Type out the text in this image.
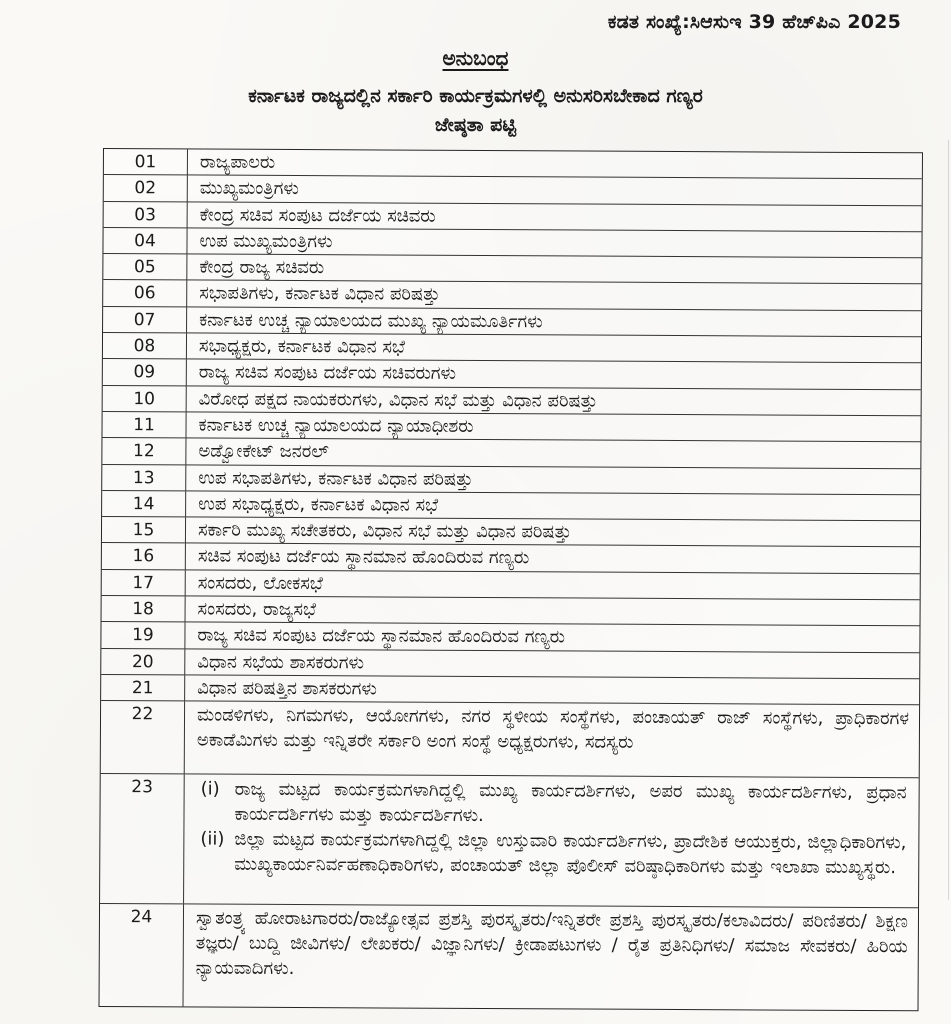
ಕಡತ ಸಂಖ್ಯೆ:ಸಿಆಸುಇ 39 ಹೆಚ್‌ಪಿಎ 2025
ಅನುಬಂಧ
ಕರ್ನಾಟಕ ರಾಜ್ಯದಲ್ಲಿನ ಸರ್ಕಾರಿ ಕಾರ್ಯಕ್ರಮಗಳಲ್ಲಿ ಅನುಸರಿಸಬೇಕಾದ ಗಣ್ಯರ
ಜೇಷ್ಠತಾ ಪಟ್ಟಿ
01	ರಾಜ್ಯಪಾಲರು
02	ಮುಖ್ಯಮಂತ್ರಿಗಳು
03	ಕೇಂದ್ರ ಸಚಿವ ಸಂಪುಟ ದರ್ಜೆಯ ಸಚಿವರು
04	ಉಪ ಮುಖ್ಯಮಂತ್ರಿಗಳು
05	ಕೇಂದ್ರ ರಾಜ್ಯ ಸಚಿವರು
06	ಸಭಾಪತಿಗಳು, ಕರ್ನಾಟಕ ವಿಧಾನ ಪರಿಷತ್ತು
07	ಕರ್ನಾಟಕ ಉಚ್ಚ ನ್ಯಾಯಾಲಯದ ಮುಖ್ಯ ನ್ಯಾಯಮೂರ್ತಿಗಳು
08	ಸಭಾಧ್ಯಕ್ಷರು, ಕರ್ನಾಟಕ ವಿಧಾನ ಸಭೆ
09	ರಾಜ್ಯ ಸಚಿವ ಸಂಪುಟ ದರ್ಜೆಯ ಸಚಿವರುಗಳು
10	ವಿರೋಧ ಪಕ್ಷದ ನಾಯಕರುಗಳು, ವಿಧಾನ ಸಭೆ ಮತ್ತು ವಿಧಾನ ಪರಿಷತ್ತು
11	ಕರ್ನಾಟಕ ಉಚ್ಚ ನ್ಯಾಯಾಲಯದ ನ್ಯಾಯಾಧೀಶರು
12	ಅಡ್ವೋಕೇಟ್ ಜನರಲ್
13	ಉಪ ಸಭಾಪತಿಗಳು, ಕರ್ನಾಟಕ ವಿಧಾನ ಪರಿಷತ್ತು
14	ಉಪ ಸಭಾಧ್ಯಕ್ಷರು, ಕರ್ನಾಟಕ ವಿಧಾನ ಸಭೆ
15	ಸರ್ಕಾರಿ ಮುಖ್ಯ ಸಚೇತಕರು, ವಿಧಾನ ಸಭೆ ಮತ್ತು ವಿಧಾನ ಪರಿಷತ್ತು
16	ಸಚಿವ ಸಂಪುಟ ದರ್ಜೆಯ ಸ್ಥಾನಮಾನ ಹೊಂದಿರುವ ಗಣ್ಯರು
17	ಸಂಸದರು, ಲೋಕಸಭೆ
18	ಸಂಸದರು, ರಾಜ್ಯಸಭೆ
19	ರಾಜ್ಯ ಸಚಿವ ಸಂಪುಟ ದರ್ಜೆಯ ಸ್ಥಾನಮಾನ ಹೊಂದಿರುವ ಗಣ್ಯರು
20	ವಿಧಾನ ಸಭೆಯ ಶಾಸಕರುಗಳು
21	ವಿಧಾನ ಪರಿಷತ್ತಿನ ಶಾಸಕರುಗಳು
22	ಮಂಡಳಿಗಳು, ನಿಗಮಗಳು, ಆಯೋಗಗಳು, ನಗರ ಸ್ಥಳೀಯ ಸಂಸ್ಥೆಗಳು, ಪಂಚಾಯತ್ ರಾಜ್ ಸಂಸ್ಥೆಗಳು, ಪ್ರಾಧಿಕಾರಗಳ ಅಕಾಡೆಮಿಗಳು ಮತ್ತು ಇನ್ನಿತರೇ ಸರ್ಕಾರಿ ಅಂಗ ಸಂಸ್ಥೆ ಅಧ್ಯಕ್ಷರುಗಳು, ಸದಸ್ಯರು
23	(i) ರಾಜ್ಯ ಮಟ್ಟದ ಕಾರ್ಯಕ್ರಮಗಳಾಗಿದ್ದಲ್ಲಿ ಮುಖ್ಯ ಕಾರ್ಯದರ್ಶಿಗಳು, ಅಪರ ಮುಖ್ಯ ಕಾರ್ಯದರ್ಶಿಗಳು, ಪ್ರಧಾನ ಕಾರ್ಯದರ್ಶಿಗಳು ಮತ್ತು ಕಾರ್ಯದರ್ಶಿಗಳು.
(ii) ಜಿಲ್ಲಾ ಮಟ್ಟದ ಕಾರ್ಯಕ್ರಮಗಳಾಗಿದ್ದಲ್ಲಿ ಜಿಲ್ಲಾ ಉಸ್ತುವಾರಿ ಕಾರ್ಯದರ್ಶಿಗಳು, ಪ್ರಾದೇಶಿಕ ಆಯುಕ್ತರು, ಜಿಲ್ಲಾಧಿಕಾರಿಗಳು, ಮುಖ್ಯಕಾರ್ಯನಿರ್ವಹಣಾಧಿಕಾರಿಗಳು, ಪಂಚಾಯತ್ ಜಿಲ್ಲಾ ಪೊಲೀಸ್ ವರಿಷ್ಠಾಧಿಕಾರಿಗಳು ಮತ್ತು ಇಲಾಖಾ ಮುಖ್ಯಸ್ಥರು.
24	ಸ್ವಾತಂತ್ರ್ಯ ಹೋರಾಟಗಾರರು/ರಾಜ್ಯೋತ್ಸವ ಪ್ರಶಸ್ತಿ ಪುರಸ್ಕೃತರು/ಇನ್ನಿತರೇ ಪ್ರಶಸ್ತಿ ಪುರಸ್ಕೃತರು/ಕಲಾವಿದರು/ ಪರಿಣಿತರು/ ಶಿಕ್ಷಣ ತಜ್ಞರು/ ಬುದ್ದಿ ಜೀವಿಗಳು/ ಲೇಖಕರು/ ವಿಜ್ಞಾನಿಗಳು/ ಕ್ರೀಡಾಪಟುಗಳು / ರೈತ ಪ್ರತಿನಿಧಿಗಳು/ ಸಮಾಜ ಸೇವಕರು/ ಹಿರಿಯ ನ್ಯಾಯವಾದಿಗಳು.
